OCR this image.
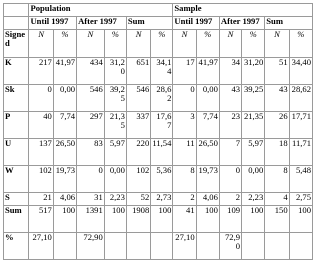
	Population						Sample					
	Until 1997		After 1997		Sum		Until 1997		After 1997		Sum	
Signed	N	%	N	%	N	%	N	%	N	%	N	%
K	217	41,97	434	31,20	651	34,14	17	41,97	34	31,20	51	34,40
Sk	0	0,00	546	39,25	546	28,62	0	0,00	43	39,25	43	28,62
P	40	7,74	297	21,35	337	17,67	3	7,74	23	21,35	26	17,71
U	137	26,50	83	5,97	220	11,54	11	26,50	7	5,97	18	11,71
W	102	19,73	0	0,00	102	5,36	8	19,73	0	0,00	8	5,48
S	21	4,06	31	2,23	52	2,73	2	4,06	2	2,23	4	2,75
Sum	517	100	1391	100	1908	100	41	100	109	100	150	100
%	27,10		72,90				27,10		72,90			
